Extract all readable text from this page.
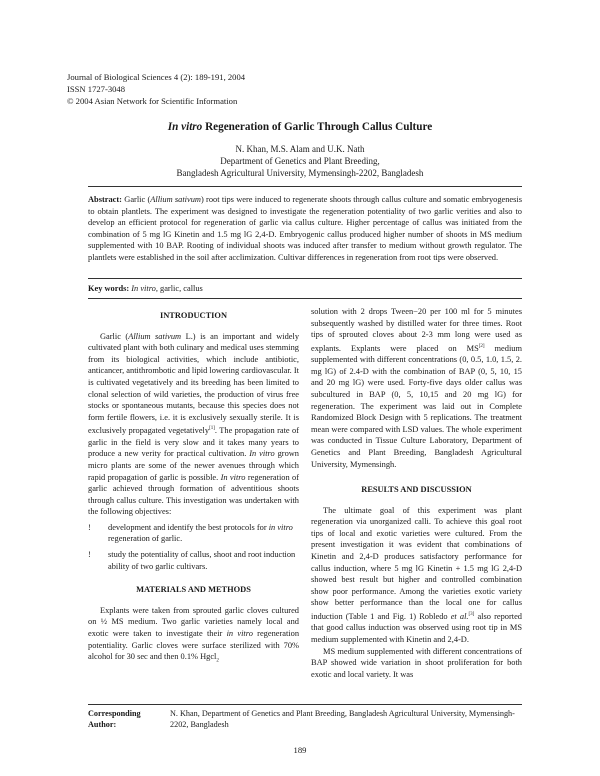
Journal of Biological Sciences 4 (2): 189-191, 2004
ISSN 1727-3048
© 2004 Asian Network for Scientific Information
In vitro Regeneration of Garlic Through Callus Culture
N. Khan, M.S. Alam and U.K. Nath
Department of Genetics and Plant Breeding,
Bangladesh Agricultural University, Mymensingh-2202, Bangladesh
Abstract: Garlic (Allium sativum) root tips were induced to regenerate shoots through callus culture and somatic embryogenesis to obtain plantlets. The experiment was designed to investigate the regeneration potentiality of two garlic verities and also to develop an efficient protocol for regeneration of garlic via callus culture. Higher percentage of callus was initiated from the combination of 5 mg lG Kinetin and 1.5 mg lG 2,4-D. Embryogenic callus produced higher number of shoots in MS medium supplemented with 10 BAP. Rooting of individual shoots was induced after transfer to medium without growth regulator. The plantlets were established in the soil after acclimization. Cultivar differences in regeneration from root tips were observed.
Key words: In vitro, garlic, callus
INTRODUCTION

Garlic (Allium sativum L.) is an important and widely cultivated plant with both culinary and medical uses stemming from its biological activities, which include antibiotic, anticancer, antithrombotic and lipid lowering cardiovascular. It is cultivated vegetatively and its breeding has been limited to clonal selection of wild varieties, the production of virus free stocks or spontaneous mutants, because this species does not form fertile flowers, i.e. it is exclusively sexually sterile. It is exclusively propagated vegetatively[1]. The propagation rate of garlic in the field is very slow and it takes many years to produce a new verity for practical cultivation. In vitro grown micro plants are some of the newer avenues through which rapid propagation of garlic is possible. In vitro regeneration of garlic achieved through formation of adventitious shoots through callus culture. This investigation was undertaken with the following objectives:

!	development and identify the best protocols for in vitro regeneration of garlic.
!	study the potentiality of callus, shoot and root induction ability of two garlic cultivars.
MATERIALS AND METHODS

Explants were taken from sprouted garlic cloves cultured on ½ MS medium. Two garlic varieties namely local and exotic were taken to investigate their in vitro regeneration potentiality. Garlic cloves were surface sterilized with 70% alcohol for 30 sec and then 0.1% Hgcl$_2$

solution with 2 drops Tween−20 per 100 ml for 5 minutes subsequently washed by distilled water for three times. Root tips of sprouted cloves about 2-3 mm long were used as explants. Explants were placed on MS[2] medium supplemented with different concentrations (0, 0.5, 1.0, 1.5, 2. mg lG) of 2.4-D with the combination of BAP (0, 5, 10, 15 and 20 mg lG) were used. Forty-five days older callus was subcultured in BAP (0, 5, 10,15 and 20 mg lG) for regeneration. The experiment was laid out in Complete Randomized Block Design with 5 replications. The treatment mean were compared with LSD values. The whole experiment was conducted in Tissue Culture Laboratory, Department of Genetics and Plant Breeding, Bangladesh Agricultural University, Mymensingh.

RESULTS AND DISCUSSION

The ultimate goal of this experiment was plant regeneration via unorganized calli. To achieve this goal root tips of local and exotic varieties were cultured. From the present investigation it was evident that combinations of Kinetin and 2,4-D produces satisfactory performance for callus induction, where 5 mg lG Kinetin + 1.5 mg lG 2,4-D showed best result but higher and controlled combination show poor performance. Among the varieties exotic variety show better performance than the local one for callus induction (Table 1 and Fig. 1) Robledo et al.[3] also reported that good callus induction was observed using root tip in MS medium supplemented with Kinetin and 2,4-D.

MS medium supplemented with different concentrations of BAP showed wide variation in shoot proliferation for both exotic and local variety. It was

Corresponding Author:
N. Khan, Department of Genetics and Plant Breeding, Bangladesh Agricultural University, Mymensingh-2202, Bangladesh
189
